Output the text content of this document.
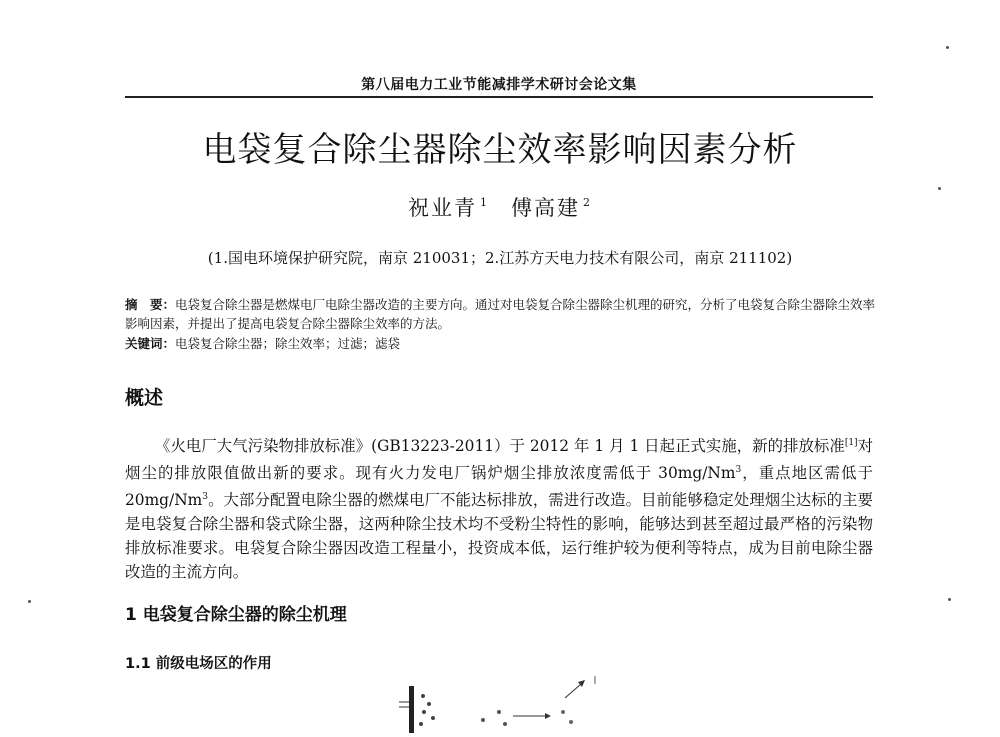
第八届电力工业节能减排学术研讨会论文集
电袋复合除尘器除尘效率影响因素分析
祝业青 $^1$ 傅高建 $^2$
(1.国电环境保护研究院，南京 210031；2.江苏方天电力技术有限公司，南京 211102)
摘　要：电袋复合除尘器是燃煤电厂电除尘器改造的主要方向。通过对电袋复合除尘器除尘机理的研究，分析了电袋复合除尘器除尘效率影响因素，并提出了提高电袋复合除尘器除尘效率的方法。
关键词：电袋复合除尘器；除尘效率；过滤；滤袋
概述
《火电厂大气污染物排放标准》(GB13223-2011）于 2012 年 1 月 1 日起正式实施，新的排放标准[1]对烟尘的排放限值做出新的要求。现有火力发电厂锅炉烟尘排放浓度需低于 30mg/Nm$^3$，重点地区需低于 20mg/Nm$^3$。大部分配置电除尘器的燃煤电厂不能达标排放，需进行改造。目前能够稳定处理烟尘达标的主要是电袋复合除尘器和袋式除尘器，这两种除尘技术均不受粉尘特性的影响，能够达到甚至超过最严格的污染物排放标准要求。电袋复合除尘器因改造工程量小，投资成本低，运行维护较为便利等特点，成为目前电除尘器改造的主流方向。
1 电袋复合除尘器的除尘机理
1.1 前级电场区的作用
